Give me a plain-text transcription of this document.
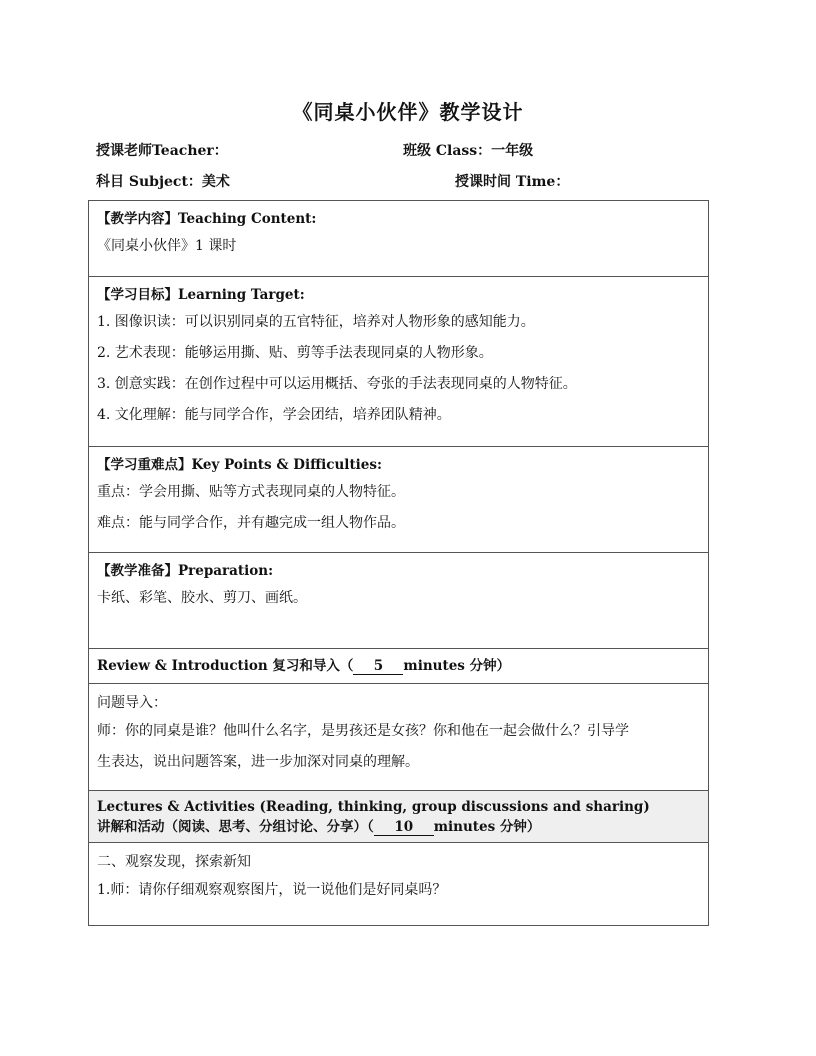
《同桌小伙伴》教学设计
授课老师Teacher：	班级 Class：一年级
科目 Subject：美术	授课时间 Time：
【教学内容】Teaching Content:
《同桌小伙伴》1 课时
【学习目标】Learning Target:
1. 图像识读：可以识别同桌的五官特征，培养对人物形象的感知能力。
2. 艺术表现：能够运用撕、贴、剪等手法表现同桌的人物形象。
3. 创意实践：在创作过程中可以运用概括、夸张的手法表现同桌的人物特征。
4. 文化理解：能与同学合作，学会团结，培养团队精神。
【学习重难点】Key Points & Difficulties:
重点：学会用撕、贴等方式表现同桌的人物特征。
难点：能与同学合作，并有趣完成一组人物作品。
【教学准备】Preparation:
卡纸、彩笔、胶水、剪刀、画纸。
Review & Introduction 复习和导入（ 5 minutes 分钟）
问题导入：
师：你的同桌是谁？他叫什么名字，是男孩还是女孩？你和他在一起会做什么？引导学
生表达，说出问题答案，进一步加深对同桌的理解。
Lectures & Activities (Reading, thinking, group discussions and sharing)
讲解和活动（阅读、思考、分组讨论、分享）（ 10 minutes 分钟）
二、观察发现，探索新知
1.师：请你仔细观察观察图片，说一说他们是好同桌吗？
